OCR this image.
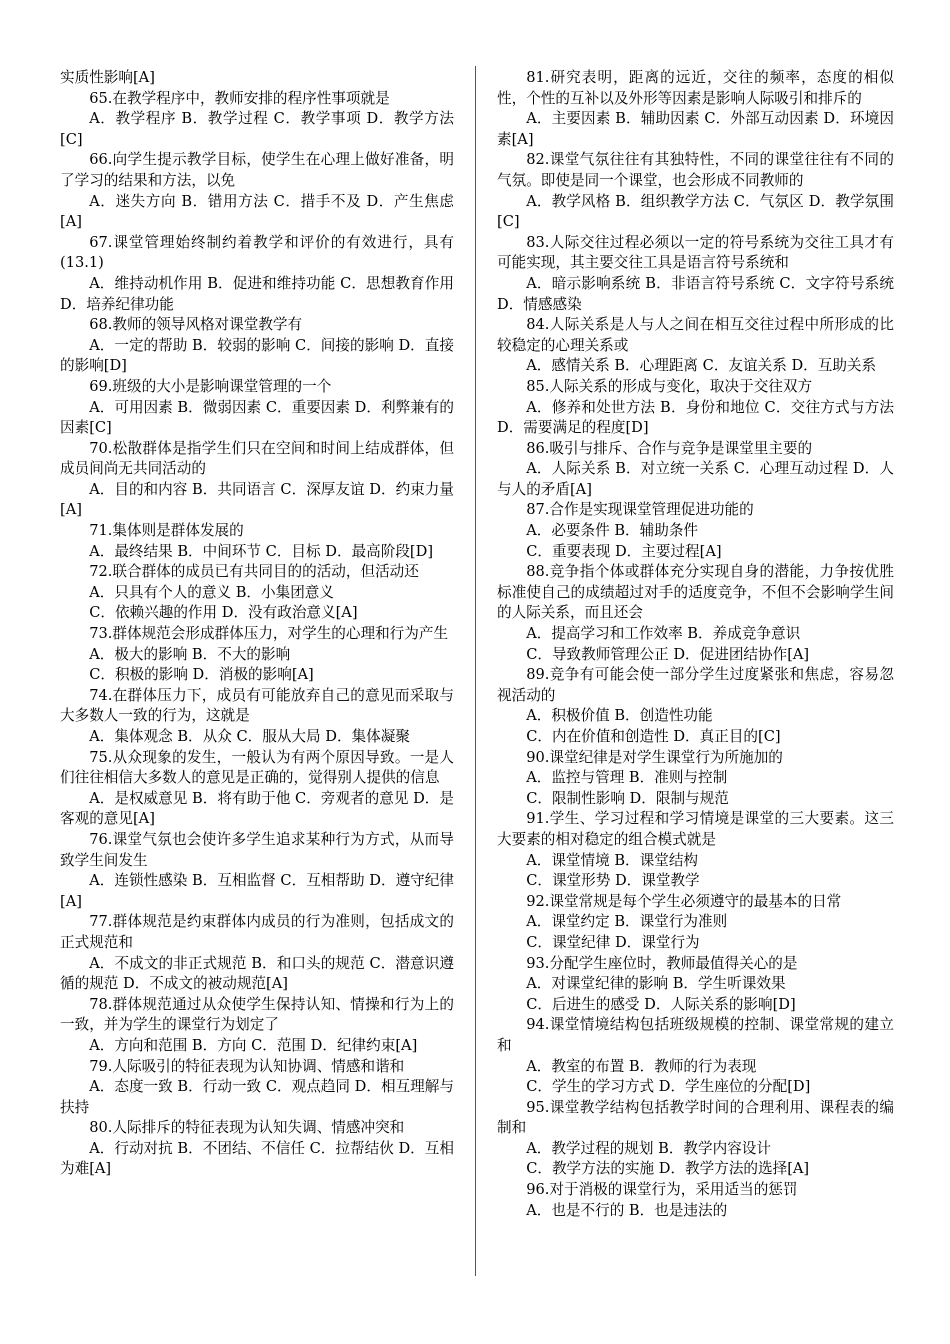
实质性影响[A]

65.在教学程序中，教师安排的程序性事项就是

A．教学程序 B．教学过程 C．教学事项 D．教学方法[C]

66.向学生提示教学目标，使学生在心理上做好准备，明了学习的结果和方法，以免

A．迷失方向 B．错用方法 C．措手不及 D．产生焦虑[A]

67.课堂管理始终制约着教学和评价的有效进行，具有(13.1)

A．维持动机作用 B．促进和维持功能 C．思想教育作用 D．培养纪律功能

68.教师的领导风格对课堂教学有

A．一定的帮助 B．较弱的影响 C．间接的影响 D．直接的影响[D]

69.班级的大小是影响课堂管理的一个

A．可用因素 B．微弱因素 C．重要因素 D．利弊兼有的因素[C]

70.松散群体是指学生们只在空间和时间上结成群体，但成员间尚无共同活动的

A．目的和内容 B．共同语言 C．深厚友谊 D．约束力量[A]

71.集体则是群体发展的

A．最终结果 B．中间环节 C．目标 D．最高阶段[D]

72.联合群体的成员已有共同目的的活动，但活动还

A．只具有个人的意义 B．小集团意义

C．依赖兴趣的作用 D．没有政治意义[A]

73.群体规范会形成群体压力，对学生的心理和行为产生

A．极大的影响 B．不大的影响

C．积极的影响 D．消极的影响[A]

74.在群体压力下，成员有可能放弃自己的意见而采取与大多数人一致的行为，这就是

A．集体观念 B．从众 C．服从大局 D．集体凝聚

75.从众现象的发生，一般认为有两个原因导致。一是人们往往相信大多数人的意见是正确的，觉得别人提供的信息

A．是权威意见 B．将有助于他 C．旁观者的意见 D．是客观的意见[A]

76.课堂气氛也会使许多学生追求某种行为方式，从而导致学生间发生

A．连锁性感染 B．互相监督 C．互相帮助 D．遵守纪律[A]

77.群体规范是约束群体内成员的行为准则，包括成文的正式规范和

A．不成文的非正式规范 B．和口头的规范 C．潜意识遵循的规范 D．不成文的被动规范[A]

78.群体规范通过从众使学生保持认知、情操和行为上的一致，并为学生的课堂行为划定了

A．方向和范围 B．方向 C．范围 D．纪律约束[A]

79.人际吸引的特征表现为认知协调、情感和谐和

A．态度一致 B．行动一致 C．观点趋同 D．相互理解与扶持

80.人际排斥的特征表现为认知失调、情感冲突和

A．行动对抗 B．不团结、不信任 C．拉帮结伙 D．互相为难[A]

81.研究表明，距离的远近，交往的频率，态度的相似性，个性的互补以及外形等因素是影响人际吸引和排斥的

A．主要因素 B．辅助因素 C．外部互动因素 D．环境因素[A]

82.课堂气氛往往有其独特性，不同的课堂往往有不同的气氛。即使是同一个课堂，也会形成不同教师的

A．教学风格 B．组织教学方法 C．气氛区 D．教学氛围[C]

83.人际交往过程必须以一定的符号系统为交往工具才有可能实现，其主要交往工具是语言符号系统和

A．暗示影响系统 B．非语言符号系统 C．文字符号系统 D．情感感染

84.人际关系是人与人之间在相互交往过程中所形成的比较稳定的心理关系或

A．感情关系 B．心理距离 C．友谊关系 D．互助关系

85.人际关系的形成与变化，取决于交往双方

A．修养和处世方法 B．身份和地位 C．交往方式与方法 D．需要满足的程度[D]

86.吸引与排斥、合作与竞争是课堂里主要的

A．人际关系 B．对立统一关系 C．心理互动过程 D．人与人的矛盾[A]

87.合作是实现课堂管理促进功能的

A．必要条件 B．辅助条件

C．重要表现 D．主要过程[A]

88.竞争指个体或群体充分实现自身的潜能，力争按优胜标准使自己的成绩超过对手的适度竞争，不但不会影响学生间的人际关系，而且还会

A．提高学习和工作效率 B．养成竞争意识

C．导致教师管理公正 D．促进团结协作[A]

89.竞争有可能会使一部分学生过度紧张和焦虑，容易忽视活动的

A．积极价值 B．创造性功能

C．内在价值和创造性 D．真正目的[C]

90.课堂纪律是对学生课堂行为所施加的

A．监控与管理 B．准则与控制

C．限制性影响 D．限制与规范

91.学生、学习过程和学习情境是课堂的三大要素。这三大要素的相对稳定的组合模式就是

A．课堂情境 B．课堂结构

C．课堂形势 D．课堂教学

92.课堂常规是每个学生必须遵守的最基本的日常

A．课堂约定 B．课堂行为准则

C．课堂纪律 D．课堂行为

93.分配学生座位时，教师最值得关心的是

A．对课堂纪律的影响 B．学生听课效果

C．后进生的感受 D．人际关系的影响[D]

94.课堂情境结构包括班级规模的控制、课堂常规的建立和

A．教室的布置 B．教师的行为表现

C．学生的学习方式 D．学生座位的分配[D]

95.课堂教学结构包括教学时间的合理利用、课程表的编制和

A．教学过程的规划 B．教学内容设计

C．教学方法的实施 D．教学方法的选择[A]

96.对于消极的课堂行为，采用适当的惩罚

A．也是不行的 B．也是违法的
